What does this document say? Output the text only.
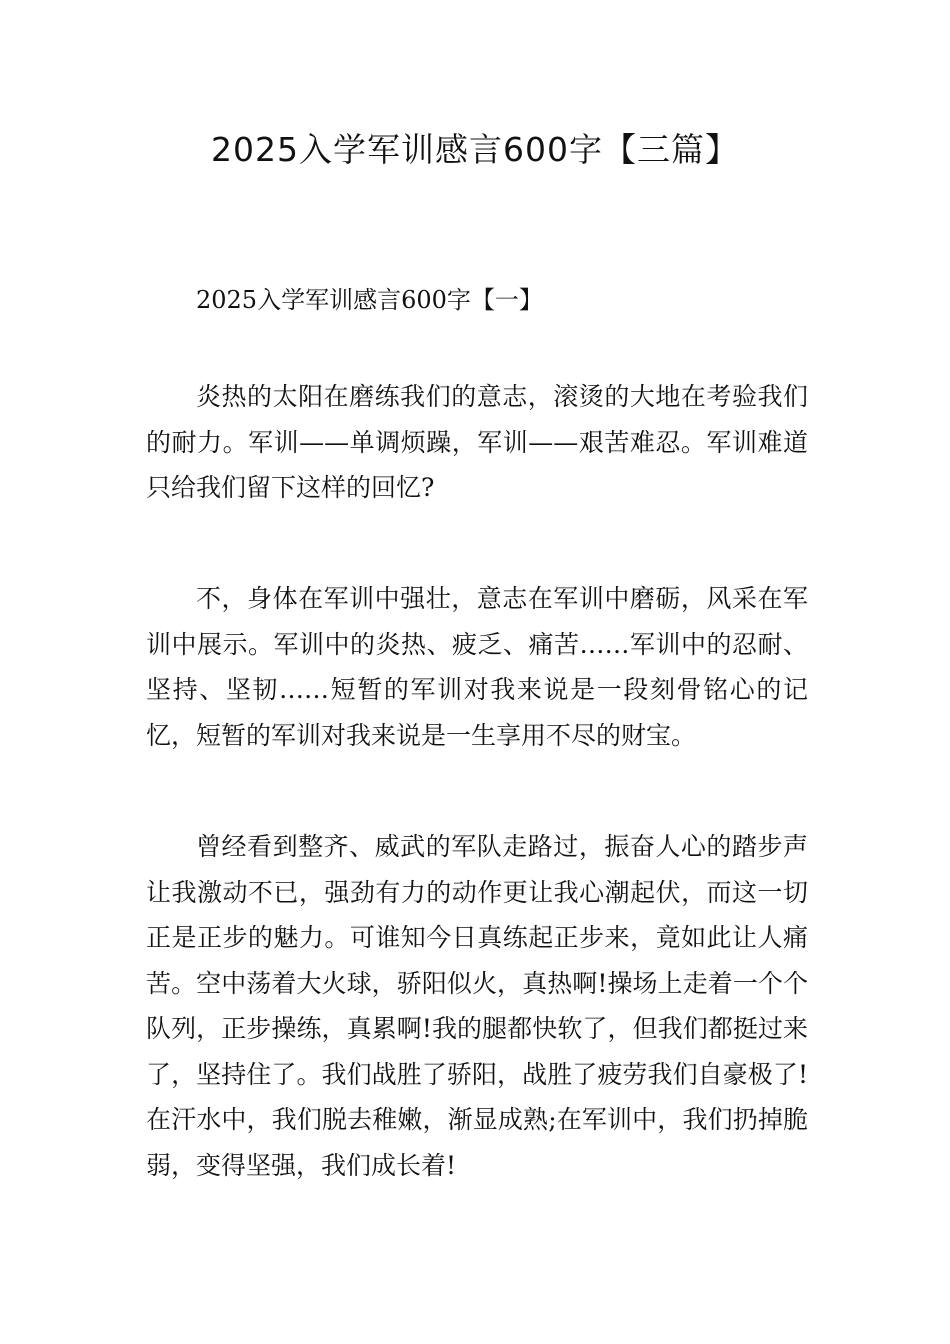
2025入学军训感言600字【三篇】
2025入学军训感言600字【一】

炎热的太阳在磨练我们的意志，滚烫的大地在考验我们的耐力。军训——单调烦躁，军训——艰苦难忍。军训难道只给我们留下这样的回忆?

不，身体在军训中强壮，意志在军训中磨砺，风采在军训中展示。军训中的炎热、疲乏、痛苦……军训中的忍耐、坚持、坚韧……短暂的军训对我来说是一段刻骨铭心的记忆，短暂的军训对我来说是一生享用不尽的财宝。

曾经看到整齐、威武的军队走路过，振奋人心的踏步声让我激动不已，强劲有力的动作更让我心潮起伏，而这一切正是正步的魅力。可谁知今日真练起正步来，竟如此让人痛苦。空中荡着大火球，骄阳似火，真热啊!操场上走着一个个队列，正步操练，真累啊!我的腿都快软了，但我们都挺过来了，坚持住了。我们战胜了骄阳，战胜了疲劳我们自豪极了!在汗水中，我们脱去稚嫩，渐显成熟;在军训中，我们扔掉脆弱，变得坚强，我们成长着!
